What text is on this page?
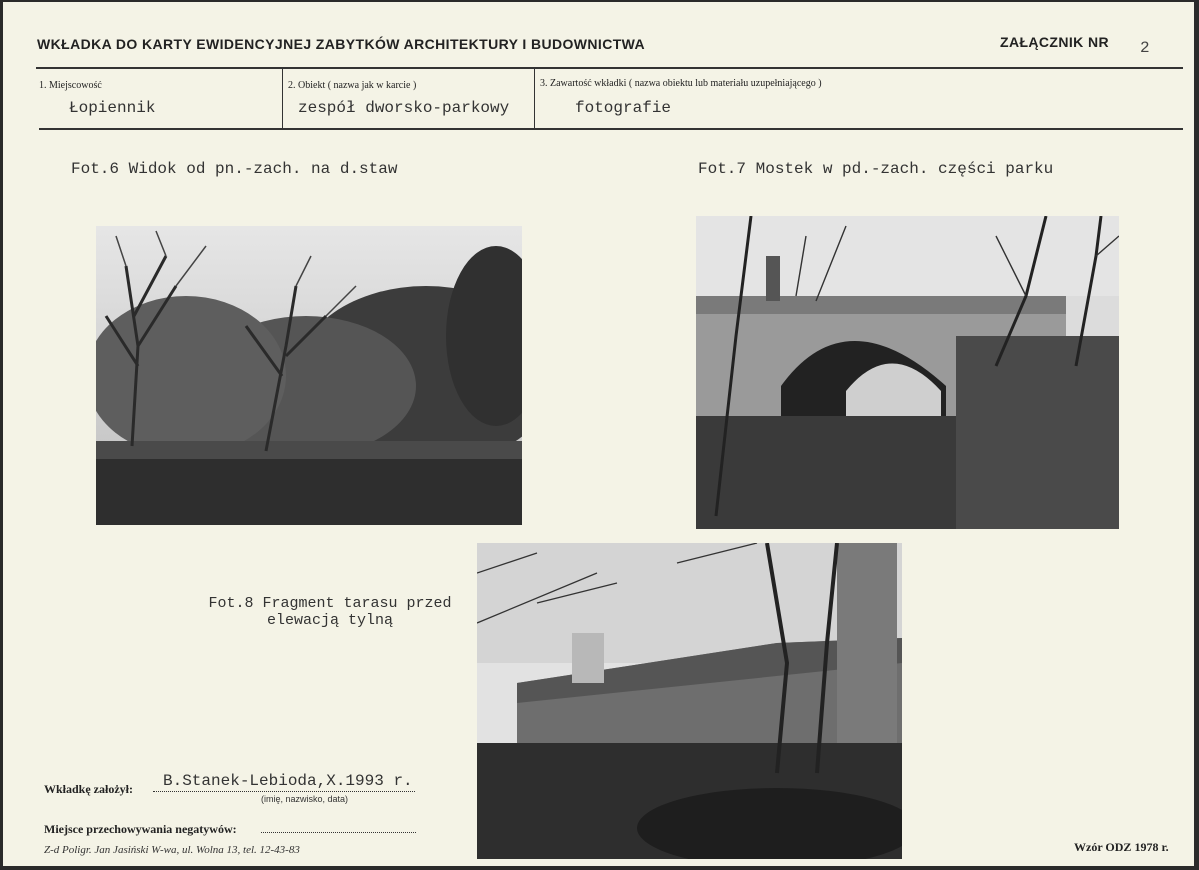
WKŁADKA DO KARTY EWIDENCYJNEJ ZABYTKÓW ARCHITEKTURY I BUDOWNICTWA	ZAŁĄCZNIK NR 2
1. Miejscowość
Łopiennik
2. Obiekt ( nazwa jak w karcie )
zespół dworsko-parkowy
3. Zawartość wkładki ( nazwa obiektu lub materiału uzupełniającego )
fotografie
Fot.6 Widok od pn.-zach. na d.staw	Fot.7 Mostek w pd.-zach. części parku
Fot.8 Fragment tarasu przed
elewacją tylną
Wkładkę założył: B.Stanek-Lebioda,X.1993 r.
(imię, nazwisko, data)
Miejsce przechowywania negatywów:
Z-d Poligr. Jan Jasiński W-wa, ul. Wolna 13, tel. 12-43-83	Wzór ODZ 1978 r.
